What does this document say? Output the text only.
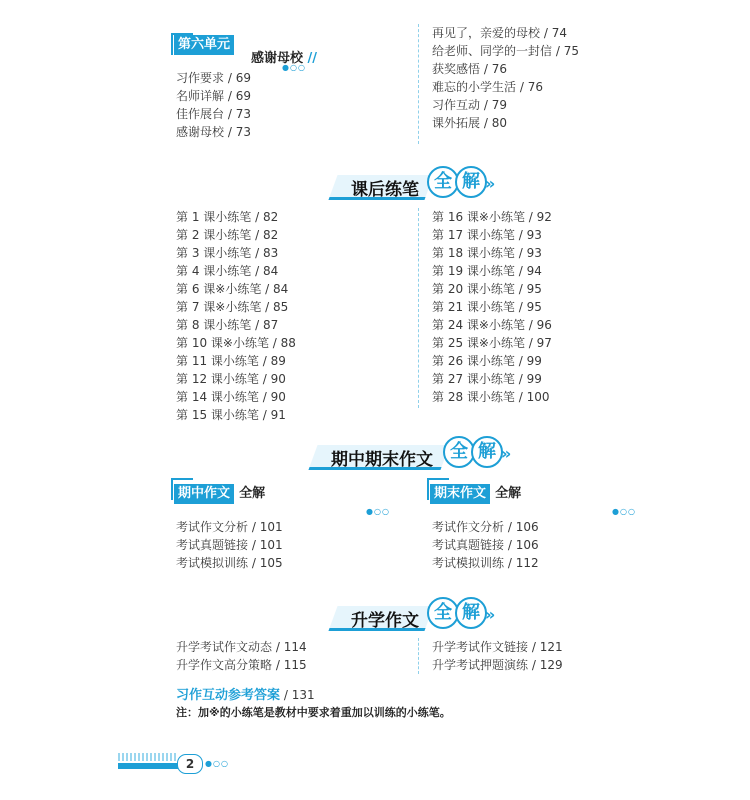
第六单元
感谢母校 //
●○○
习作要求 / 69
名师详解 / 69
佳作展台 / 73
感谢母校 / 73
再见了，亲爱的母校 / 74
给老师、同学的一封信 / 75
获奖感悟 / 76
难忘的小学生活 / 76
习作互动 / 79
课外拓展 / 80
课后练笔 全 解 »
第 1 课小练笔 / 82
第 2 课小练笔 / 82
第 3 课小练笔 / 83
第 4 课小练笔 / 84
第 6 课※小练笔 / 84
第 7 课※小练笔 / 85
第 8 课小练笔 / 87
第 10 课※小练笔 / 88
第 11 课小练笔 / 89
第 12 课小练笔 / 90
第 14 课小练笔 / 90
第 15 课小练笔 / 91
第 16 课※小练笔 / 92
第 17 课小练笔 / 93
第 18 课小练笔 / 93
第 19 课小练笔 / 94
第 20 课小练笔 / 95
第 21 课小练笔 / 95
第 24 课※小练笔 / 96
第 25 课※小练笔 / 97
第 26 课小练笔 / 99
第 27 课小练笔 / 99
第 28 课小练笔 / 100
期中期末作文 全 解 »
期中作文 全解
●○○
考试作文分析 / 101
考试真题链接 / 101
考试模拟训练 / 105
期末作文 全解
●○○
考试作文分析 / 106
考试真题链接 / 106
考试模拟训练 / 112
升学作文 全 解 »
升学考试作文动态 / 114
升学作文高分策略 / 115
升学考试作文链接 / 121
升学考试押题演练 / 129
习作互动参考答案 / 131
注：加※的小练笔是教材中要求着重加以训练的小练笔。
2	●○○
